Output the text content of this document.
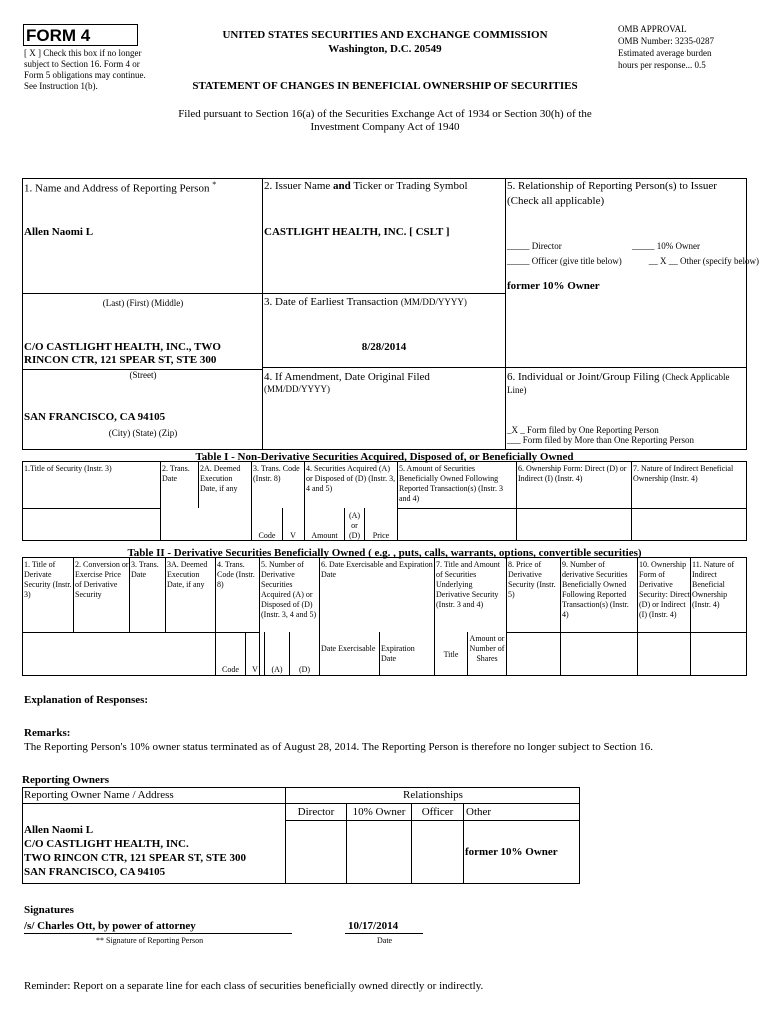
FORM 4
[ X ] Check this box if no longer subject to Section 16. Form 4 or Form 5 obligations may continue. See Instruction 1(b).
UNITED STATES SECURITIES AND EXCHANGE COMMISSION
Washington, D.C. 20549
STATEMENT OF CHANGES IN BENEFICIAL OWNERSHIP OF SECURITIES
OMB APPROVAL
OMB Number: 3235-0287
Estimated average burden
hours per response... 0.5
Filed pursuant to Section 16(a) of the Securities Exchange Act of 1934 or Section 30(h) of the
Investment Company Act of 1940
1. Name and Address of Reporting Person *
Allen Naomi L
(Last) (First) (Middle)
C/O CASTLIGHT HEALTH, INC., TWO RINCON CTR, 121 SPEAR ST, STE 300
(Street)
SAN FRANCISCO, CA 94105
(City) (State) (Zip)
2. Issuer Name and Ticker or Trading Symbol
CASTLIGHT HEALTH, INC. [ CSLT ]
3. Date of Earliest Transaction (MM/DD/YYYY)
8/28/2014
4. If Amendment, Date Original Filed
(MM/DD/YYYY)
5. Relationship of Reporting Person(s) to Issuer
(Check all applicable)
_____ Director	_____ 10% Owner
_____ Officer (give title below)	__ X __ Other (specify below)
former 10% Owner
6. Individual or Joint/Group Filing (Check Applicable Line)
_X _ Form filed by One Reporting Person
___ Form filed by More than One Reporting Person
Table I - Non-Derivative Securities Acquired, Disposed of, or Beneficially Owned
1.Title of Security (Instr. 3)	2. Trans. Date
2A. Deemed Execution Date, if any
3. Trans. Code (Instr. 8)
4. Securities Acquired (A) or Disposed of (D) (Instr. 3, 4 and 5)
5. Amount of Securities Beneficially Owned Following Reported Transaction(s) (Instr. 3 and 4)
6. Ownership Form: Direct (D) or Indirect (I) (Instr. 4)
7. Nature of Indirect Beneficial Ownership (Instr. 4)
Code	V	Amount
(A) or (D)	Price
Table II - Derivative Securities Beneficially Owned ( e.g. , puts, calls, warrants, options, convertible securities)
1. Title of Derivate Security (Instr. 3)
2. Conversion or Exercise Price of Derivative Security
3. Trans. Date
3A. Deemed Execution Date, if any
4. Trans. Code (Instr. 8)
5. Number of Derivative Securities Acquired (A) or Disposed of (D) (Instr. 3, 4 and 5)
6. Date Exercisable and Expiration Date
7. Title and Amount of Securities Underlying Derivative Security (Instr. 3 and 4)
8. Price of Derivative Security (Instr. 5)
9. Number of derivative Securities Beneficially Owned Following Reported Transaction(s) (Instr. 4)
10. Ownership Form of Derivative Security: Direct (D) or Indirect (I) (Instr. 4)
11. Nature of Indirect Beneficial Ownership (Instr. 4)
Code	V	(A)	(D)
Date Exercisable Expiration Date	Title
Amount or Number of Shares
Explanation of Responses:
Remarks:
The Reporting Person's 10% owner status terminated as of August 28, 2014. The Reporting Person is therefore no longer subject to Section 16.
Reporting Owners
Reporting Owner Name / Address	Relationships
Director	10% Owner	Officer	Other
Allen Naomi L
C/O CASTLIGHT HEALTH, INC.
TWO RINCON CTR, 121 SPEAR ST, STE 300
SAN FRANCISCO, CA 94105
former 10% Owner
Signatures
/s/ Charles Ott, by power of attorney	10/17/2014
** Signature of Reporting Person	Date
Reminder: Report on a separate line for each class of securities beneficially owned directly or indirectly.
